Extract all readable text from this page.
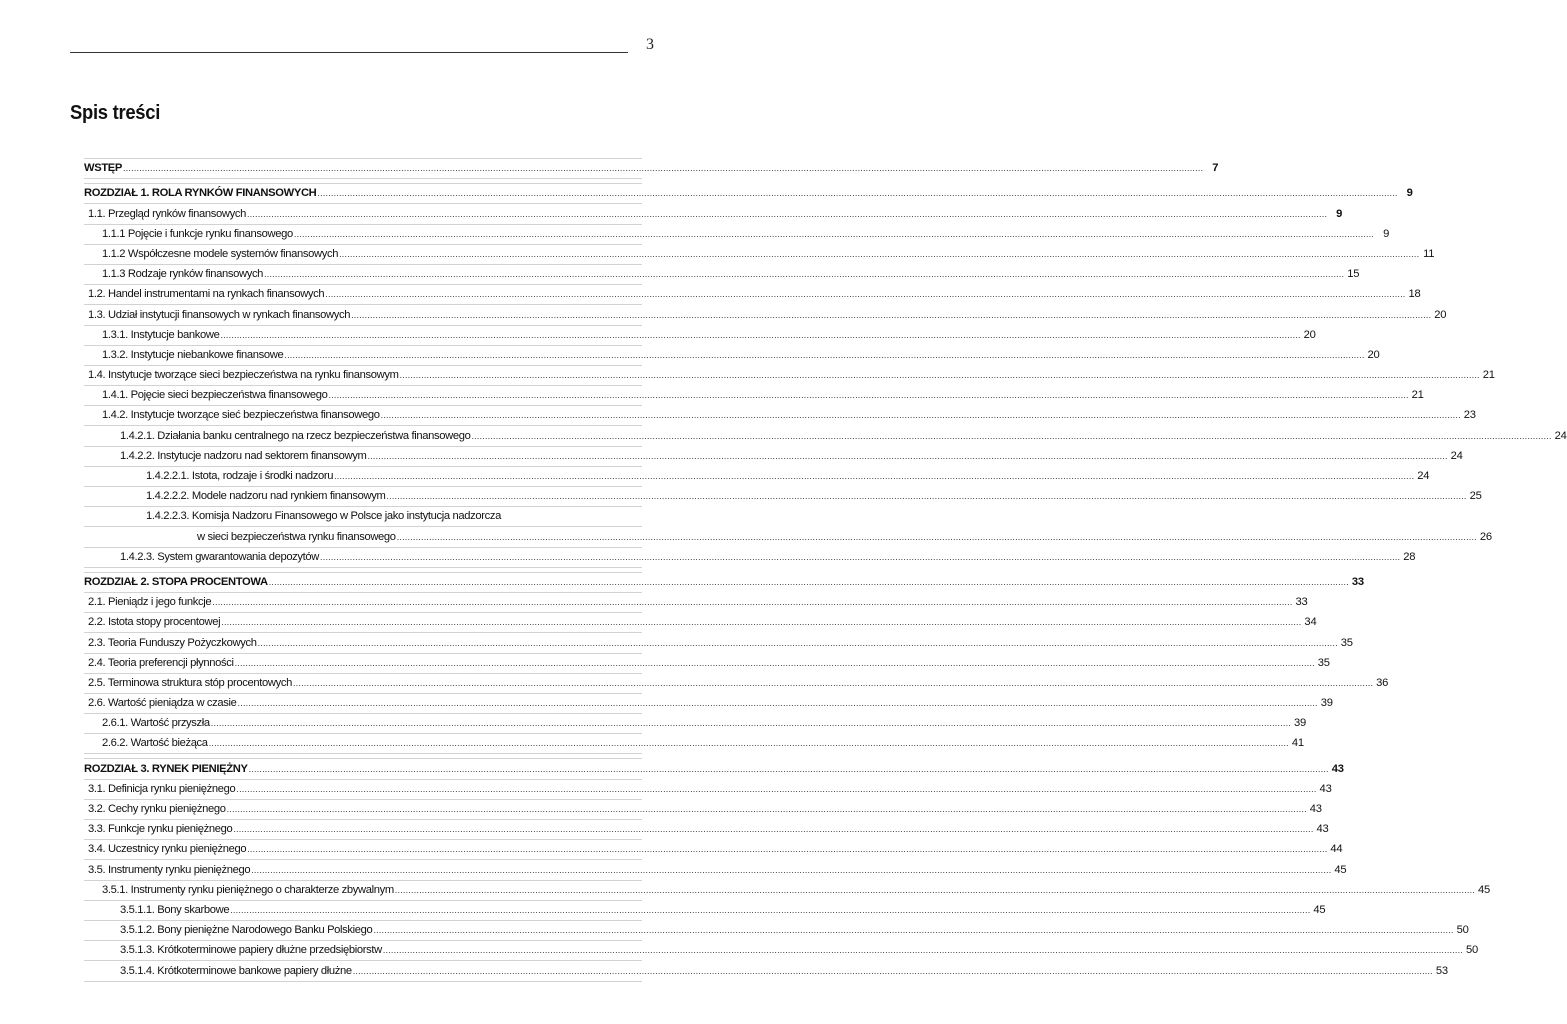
3
Spis treści
WSTĘP ................................................................................................................................................................................................................................................................................................................................................................................................................ 7
ROZDZIAŁ 1. ROLA RYNKÓW FINANSOWYCH ................................................................................................................................................................................................................................................................................................................................................................................................................ 9
1.1. Przegląd rynków finansowych ................................................................................................................................................................................................................................................................................................................................................................................................................ 9
1.1.1 Pojęcie i funkcje rynku finansowego ................................................................................................................................................................................................................................................................................................................................................................................................................ 9
1.1.2 Współczesne modele systemów finansowych ................................................................................................................................................................................................................................................................................................................................................................................................................ 11
1.1.3 Rodzaje rynków finansowych ................................................................................................................................................................................................................................................................................................................................................................................................................ 15
1.2. Handel instrumentami na rynkach finansowych ................................................................................................................................................................................................................................................................................................................................................................................................................ 18
1.3. Udział instytucji finansowych w rynkach finansowych ................................................................................................................................................................................................................................................................................................................................................................................................................ 20
1.3.1. Instytucje bankowe ................................................................................................................................................................................................................................................................................................................................................................................................................ 20
1.3.2. Instytucje niebankowe finansowe ................................................................................................................................................................................................................................................................................................................................................................................................................ 20
1.4. Instytucje tworzące sieci bezpieczeństwa na rynku finansowym ................................................................................................................................................................................................................................................................................................................................................................................................................ 21
1.4.1. Pojęcie sieci bezpieczeństwa finansowego ................................................................................................................................................................................................................................................................................................................................................................................................................ 21
1.4.2. Instytucje tworzące sieć bezpieczeństwa finansowego ................................................................................................................................................................................................................................................................................................................................................................................................................ 23
1.4.2.1. Działania banku centralnego na rzecz bezpieczeństwa finansowego ................................................................................................................................................................................................................................................................................................................................................................................................................ 24
1.4.2.2. Instytucje nadzoru nad sektorem finansowym ................................................................................................................................................................................................................................................................................................................................................................................................................ 24
1.4.2.2.1. Istota, rodzaje i środki nadzoru ................................................................................................................................................................................................................................................................................................................................................................................................................ 24
1.4.2.2.2. Modele nadzoru nad rynkiem finansowym ................................................................................................................................................................................................................................................................................................................................................................................................................ 25
1.4.2.2.3. Komisja Nadzoru Finansowego w Polsce jako instytucja nadzorcza
w sieci bezpieczeństwa rynku finansowego ................................................................................................................................................................................................................................................................................................................................................................................................................ 26
1.4.2.3. System gwarantowania depozytów ................................................................................................................................................................................................................................................................................................................................................................................................................ 28
ROZDZIAŁ 2. STOPA PROCENTOWA ................................................................................................................................................................................................................................................................................................................................................................................................................ 33
2.1. Pieniądz i jego funkcje ................................................................................................................................................................................................................................................................................................................................................................................................................ 33
2.2. Istota stopy procentowej ................................................................................................................................................................................................................................................................................................................................................................................................................ 34
2.3. Teoria Funduszy Pożyczkowych ................................................................................................................................................................................................................................................................................................................................................................................................................ 35
2.4. Teoria preferencji płynności ................................................................................................................................................................................................................................................................................................................................................................................................................ 35
2.5. Terminowa struktura stóp procentowych ................................................................................................................................................................................................................................................................................................................................................................................................................ 36
2.6. Wartość pieniądza w czasie ................................................................................................................................................................................................................................................................................................................................................................................................................ 39
2.6.1. Wartość przyszła ................................................................................................................................................................................................................................................................................................................................................................................................................ 39
2.6.2. Wartość bieżąca ................................................................................................................................................................................................................................................................................................................................................................................................................ 41
ROZDZIAŁ 3. RYNEK PIENIĘŻNY ................................................................................................................................................................................................................................................................................................................................................................................................................ 43
3.1. Definicja rynku pieniężnego ................................................................................................................................................................................................................................................................................................................................................................................................................ 43
3.2. Cechy rynku pieniężnego ................................................................................................................................................................................................................................................................................................................................................................................................................ 43
3.3. Funkcje rynku pieniężnego ................................................................................................................................................................................................................................................................................................................................................................................................................ 43
3.4. Uczestnicy rynku pieniężnego ................................................................................................................................................................................................................................................................................................................................................................................................................ 44
3.5. Instrumenty rynku pieniężnego ................................................................................................................................................................................................................................................................................................................................................................................................................ 45
3.5.1. Instrumenty rynku pieniężnego o charakterze zbywalnym ................................................................................................................................................................................................................................................................................................................................................................................................................ 45
3.5.1.1. Bony skarbowe ................................................................................................................................................................................................................................................................................................................................................................................................................ 45
3.5.1.2. Bony pieniężne Narodowego Banku Polskiego ................................................................................................................................................................................................................................................................................................................................................................................................................ 50
3.5.1.3. Krótkoterminowe papiery dłużne przedsiębiorstw ................................................................................................................................................................................................................................................................................................................................................................................................................ 50
3.5.1.4. Krótkoterminowe bankowe papiery dłużne ................................................................................................................................................................................................................................................................................................................................................................................................................ 53
